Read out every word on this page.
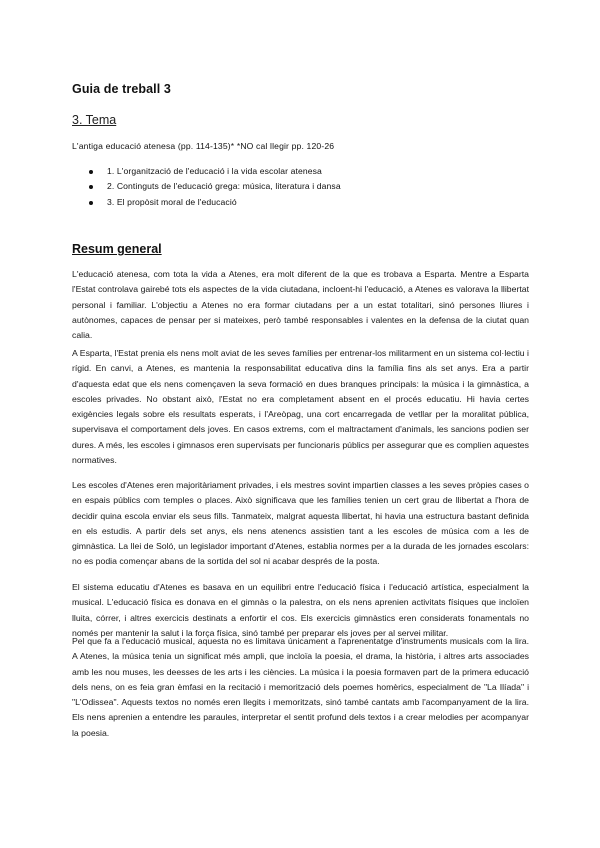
Guia de treball 3
3. Tema
L'antiga educació atenesa (pp. 114-135)* *NO cal llegir pp. 120-26
1. L'organització de l'educació i la vida escolar atenesa
2. Continguts de l'educació grega: música, literatura i dansa
3. El propòsit moral de l'educació
Resum general

L'educació atenesa, com tota la vida a Atenes, era molt diferent de la que es trobava a Esparta. Mentre a Esparta l'Estat controlava gairebé tots els aspectes de la vida ciutadana, incloent-hi l'educació, a Atenes es valorava la llibertat personal i familiar. L'objectiu a Atenes no era formar ciutadans per a un estat totalitari, sinó persones lliures i autònomes, capaces de pensar per si mateixes, però també responsables i valentes en la defensa de la ciutat quan calia.

A Esparta, l'Estat prenia els nens molt aviat de les seves famílies per entrenar-los militarment en un sistema col·lectiu i rígid. En canvi, a Atenes, es mantenia la responsabilitat educativa dins la família fins als set anys. Era a partir d'aquesta edat que els nens començaven la seva formació en dues branques principals: la música i la gimnàstica, a escoles privades. No obstant això, l'Estat no era completament absent en el procés educatiu. Hi havia certes exigències legals sobre els resultats esperats, i l'Areòpag, una cort encarregada de vetllar per la moralitat pública, supervisava el comportament dels joves. En casos extrems, com el maltractament d'animals, les sancions podien ser dures. A més, les escoles i gimnasos eren supervisats per funcionaris públics per assegurar que es complien aquestes normatives.

Les escoles d'Atenes eren majoritàriament privades, i els mestres sovint impartien classes a les seves pròpies cases o en espais públics com temples o places. Això significava que les famílies tenien un cert grau de llibertat a l'hora de decidir quina escola enviar els seus fills. Tanmateix, malgrat aquesta llibertat, hi havia una estructura bastant definida en els estudis. A partir dels set anys, els nens atenencs assistien tant a les escoles de música com a les de gimnàstica. La llei de Soló, un legislador important d'Atenes, establia normes per a la durada de les jornades escolars: no es podia començar abans de la sortida del sol ni acabar després de la posta.

El sistema educatiu d'Atenes es basava en un equilibri entre l'educació física i l'educació artística, especialment la musical. L'educació física es donava en el gimnàs o la palestra, on els nens aprenien activitats físiques que incloïen lluita, córrer, i altres exercicis destinats a enfortir el cos. Els exercicis gimnàstics eren considerats fonamentals no només per mantenir la salut i la força física, sinó també per preparar els joves per al servei militar.

Pel que fa a l'educació musical, aquesta no es limitava únicament a l'aprenentatge d'instruments musicals com la lira. A Atenes, la música tenia un significat més ampli, que incloïa la poesia, el drama, la història, i altres arts associades amb les nou muses, les deesses de les arts i les ciències. La música i la poesia formaven part de la primera educació dels nens, on es feia gran èmfasi en la recitació i memorització dels poemes homèrics, especialment de "La Ilíada" i "L'Odissea". Aquests textos no només eren llegits i memoritzats, sinó també cantats amb l'acompanyament de la lira. Els nens aprenien a entendre les paraules, interpretar el sentit profund dels textos i a crear melodies per acompanyar la poesia.
